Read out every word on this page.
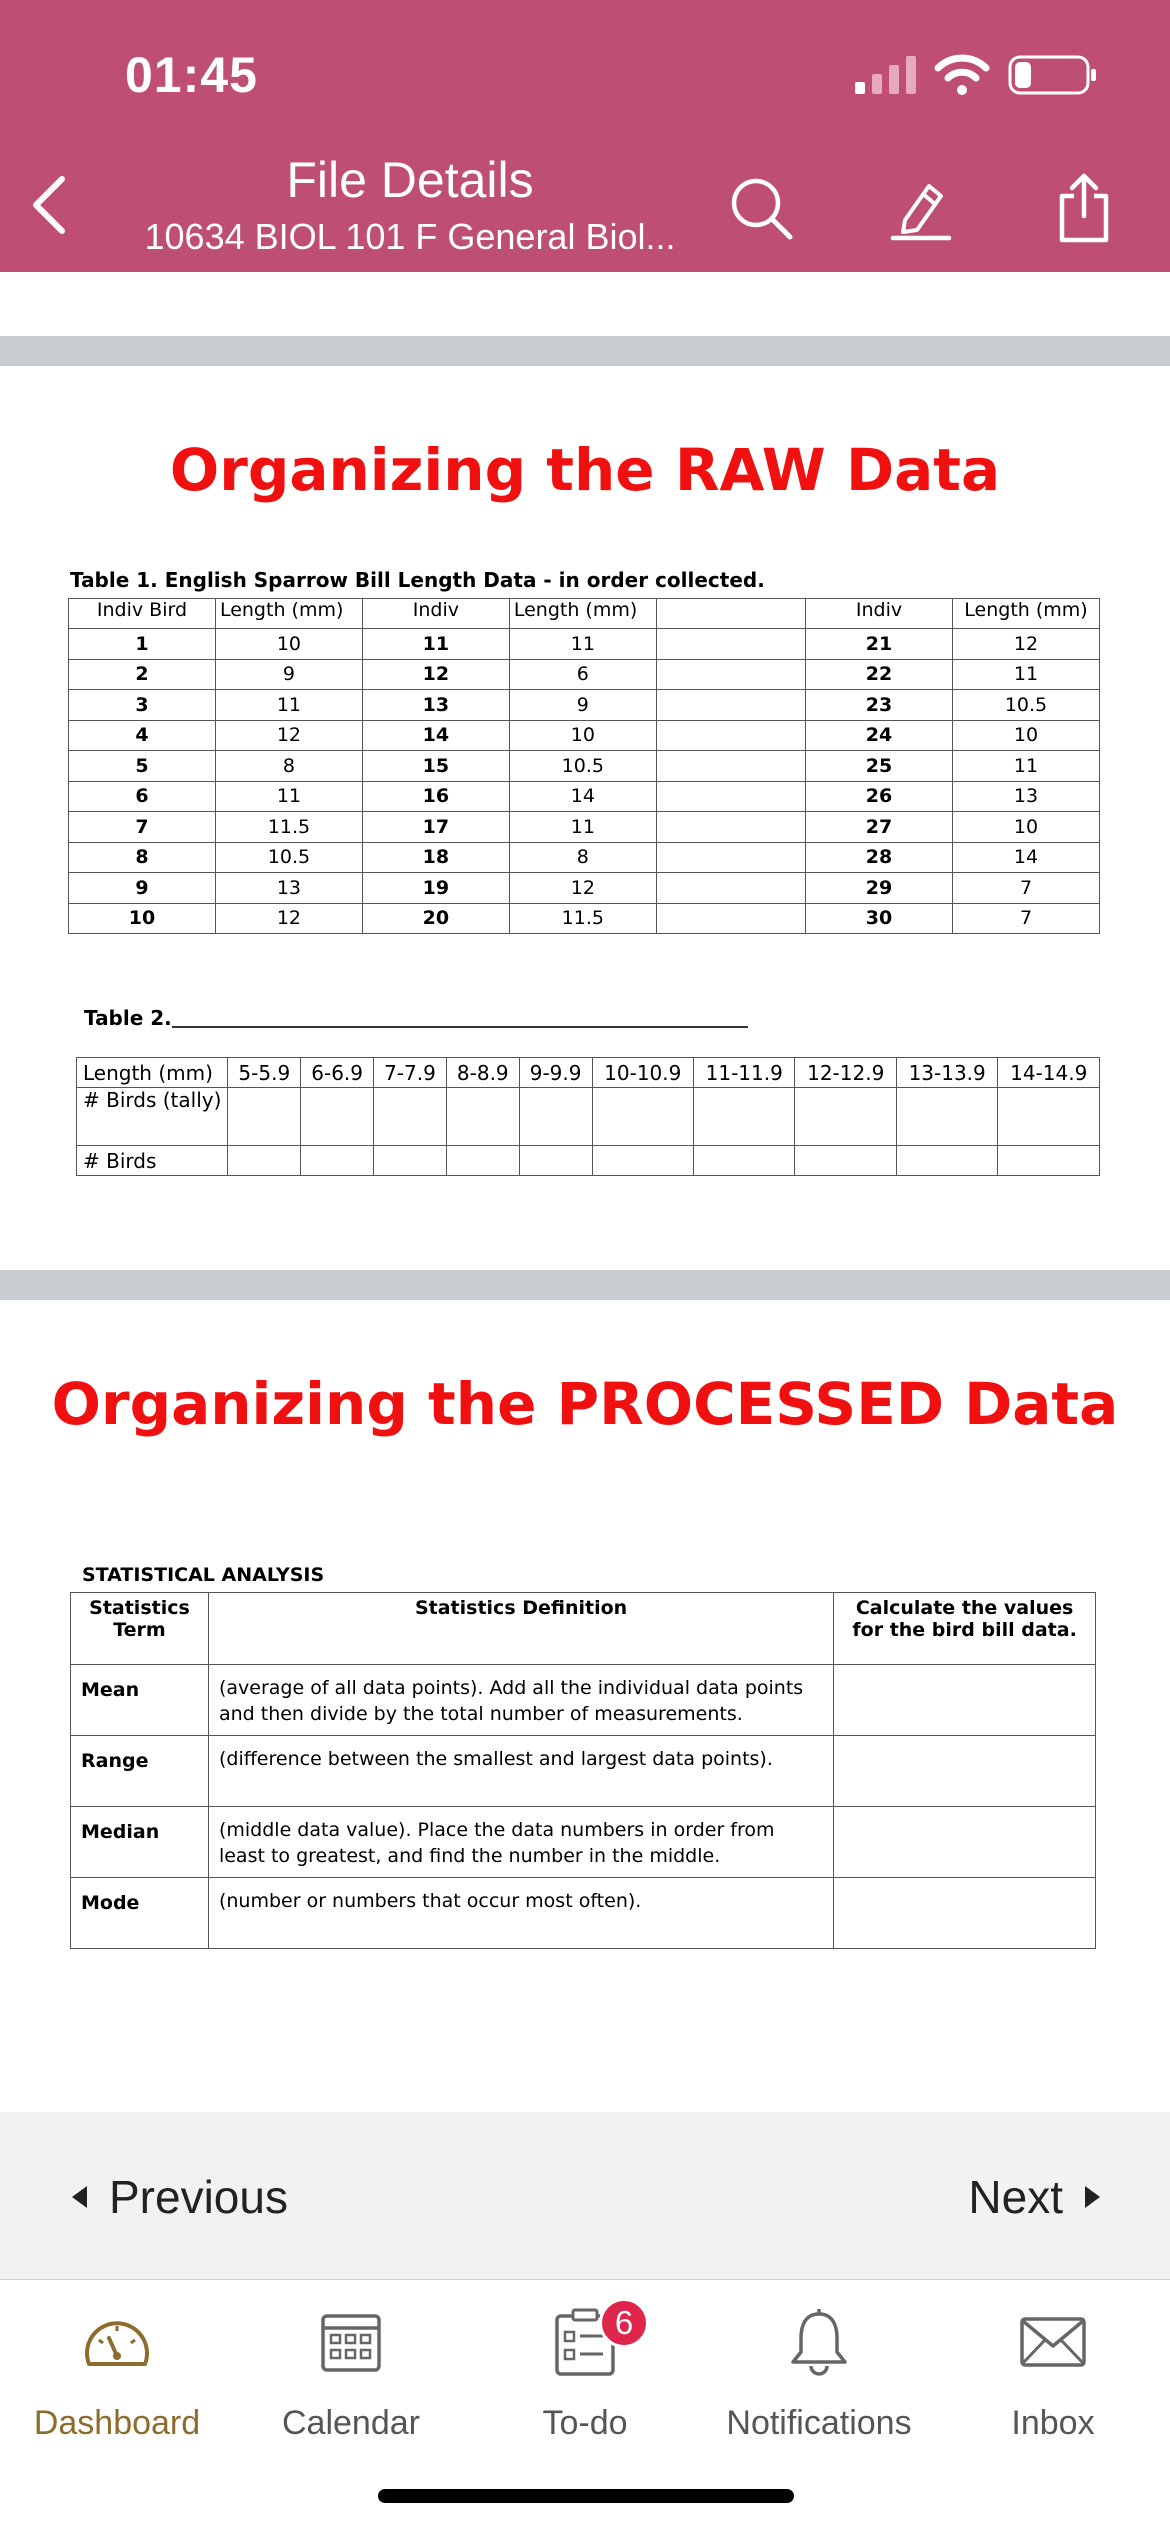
01:45
File Details
10634 BIOL 101 F General Biol...
Organizing the RAW Data
Table 1. English Sparrow Bill Length Data - in order collected.
Indiv Bird	Length (mm)	Indiv	Length (mm)		Indiv	Length (mm)
1	10	11	11		21	12
2	9	12	6		22	11
3	11	13	9		23	10.5
4	12	14	10		24	10
5	8	15	10.5		25	11
6	11	16	14		26	13
7	11.5	17	11		27	10
8	10.5	18	8		28	14
9	13	19	12		29	7
10	12	20	11.5		30	7
Table 2.
Length (mm)	5-5.9	6-6.9	7-7.9	8-8.9	9-9.9	10-10.9	11-11.9	12-12.9	13-13.9	14-14.9
# Birds (tally)										
# Birds										
Organizing the PROCESSED Data
STATISTICAL ANALYSIS
Statistics Term	Statistics Definition	Calculate the values for the bird bill data.
Mean	(average of all data points). Add all the individual data points and then divide by the total number of measurements.	
Range	(difference between the smallest and largest data points).	
Median	(middle data value). Place the data numbers in order from least to greatest, and find the number in the middle.	
Mode	(number or numbers that occur most often).	
Previous	Next
Dashboard Calendar
6
To-do	Notifications	Inbox
